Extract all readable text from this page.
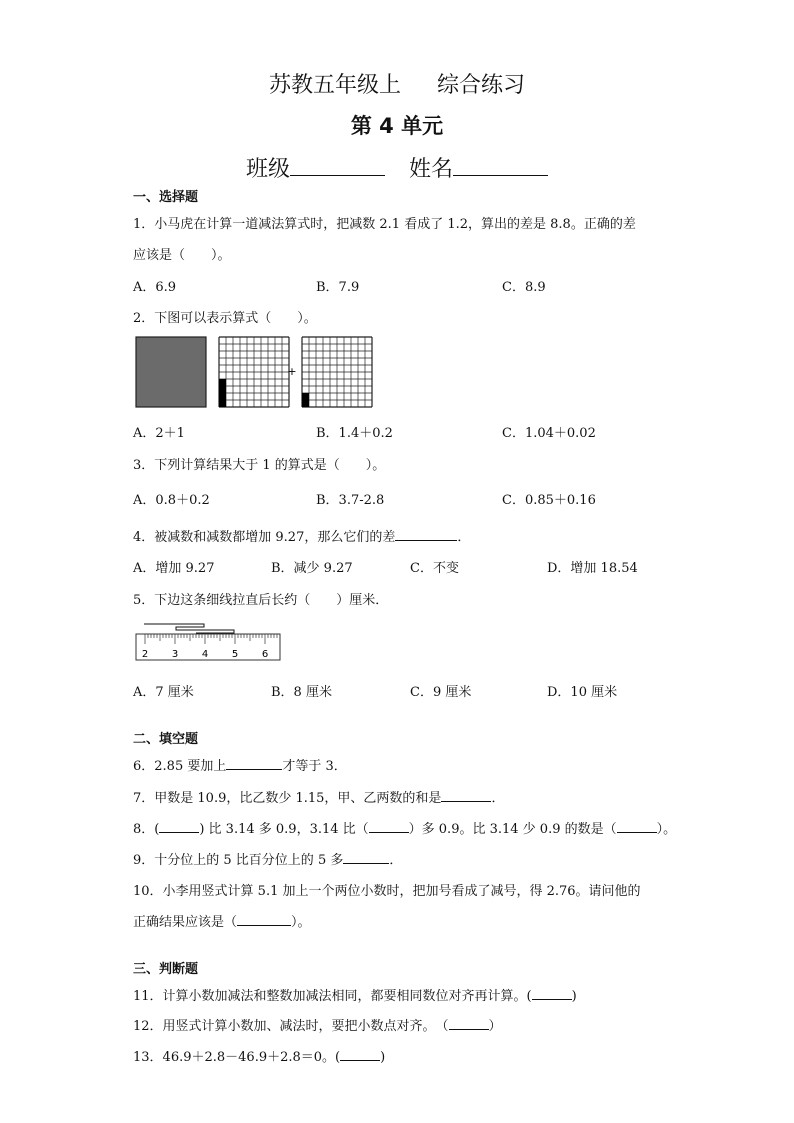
苏教五年级上 综合练习
第 4 单元
班级	姓名
一、选择题
1．小马虎在计算一道减法算式时，把减数 2.1 看成了 1.2，算出的差是 8.8。正确的差
应该是（　　）。
A．6.9	B．7.9	C．8.9
2．下图可以表示算式（　　）。
+
A．2＋1	B．1.4＋0.2	C．1.04＋0.02
3．下列计算结果大于 1 的算式是（　　）。
A．0.8＋0.2	B．3.7-2.8	C．0.85＋0.16
4．被减数和减数都增加 9.27，那么它们的差	．
A．增加 9.27	B．减少 9.27	C．不变	D．增加 18.54
5．下边这条细线拉直后长约（　　）厘米．
2 3 4 5 6
A．7 厘米	B．8 厘米	C．9 厘米	D．10 厘米
二、填空题
6．2.85 要加上	才等于 3．
7．甲数是 10.9，比乙数少 1.15，甲、乙两数的和是	．
8．(	) 比 3.14 多 0.9，3.14 比（	）多 0.9。比 3.14 少 0.9 的数是（	）。
9．十分位上的 5 比百分位上的 5 多	．
10．小李用竖式计算 5.1 加上一个两位小数时，把加号看成了减号，得 2.76。请问他的
正确结果应该是（	）。
三、判断题
11．计算小数加减法和整数加减法相同，都要相同数位对齐再计算。(	)
12．用竖式计算小数加、减法时，要把小数点对齐。　（	）
13．46.9＋2.8－46.9＋2.8＝0。(	)
